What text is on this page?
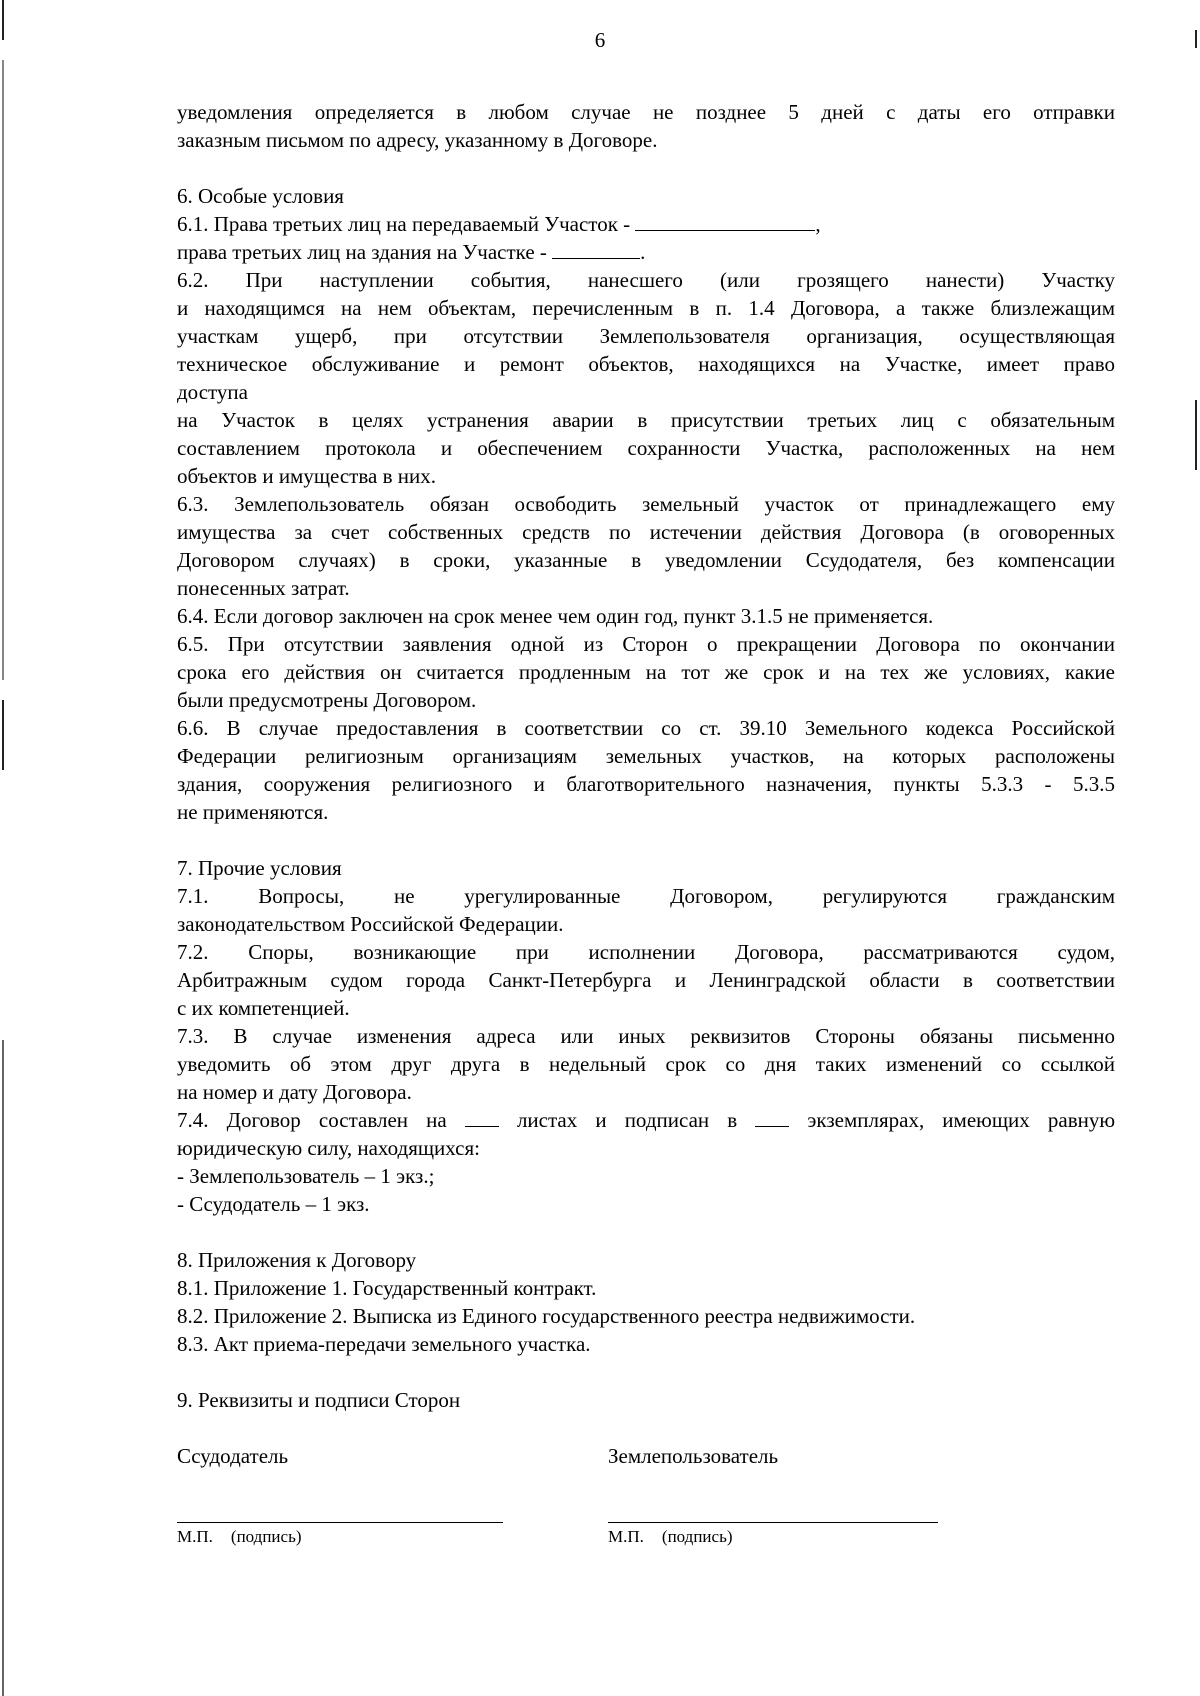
6

уведомления определяется в любом случае не позднее 5 дней с даты его отправки

заказным письмом по адресу, указанному в Договоре.

6. Особые условия

6.1. Права третьих лиц на передаваемый Участок -	,

права третьих лиц на здания на Участке -	.

6.2. При наступлении события, нанесшего (или грозящего нанести) Участку

и находящимся на нем объектам, перечисленным в п. 1.4 Договора, а также близлежащим

участкам ущерб, при отсутствии Землепользователя организация, осуществляющая

техническое обслуживание и ремонт объектов, находящихся на Участке, имеет право

доступа

на Участок в целях устранения аварии в присутствии третьих лиц с обязательным

составлением протокола и обеспечением сохранности Участка, расположенных на нем

объектов и имущества в них.

6.3. Землепользователь обязан освободить земельный участок от принадлежащего ему

имущества за счет собственных средств по истечении действия Договора (в оговоренных

Договором случаях) в сроки, указанные в уведомлении Ссудодателя, без компенсации

понесенных затрат.

6.4. Если договор заключен на срок менее чем один год, пункт 3.1.5 не применяется.

6.5. При отсутствии заявления одной из Сторон о прекращении Договора по окончании

срока его действия он считается продленным на тот же срок и на тех же условиях, какие

были предусмотрены Договором.

6.6. В случае предоставления в соответствии со ст. 39.10 Земельного кодекса Российской

Федерации религиозным организациям земельных участков, на которых расположены

здания, сооружения религиозного и благотворительного назначения, пункты 5.3.3 - 5.3.5

не применяются.

7. Прочие условия

7.1. Вопросы, не урегулированные Договором, регулируются гражданским

законодательством Российской Федерации.

7.2. Споры, возникающие при исполнении Договора, рассматриваются судом,

Арбитражным судом города Санкт-Петербурга и Ленинградской области в соответствии

с их компетенцией.

7.3. В случае изменения адреса или иных реквизитов Стороны обязаны письменно

уведомить об этом друг друга в недельный срок со дня таких изменений со ссылкой

на номер и дату Договора.

7.4. Договор составлен на	листах и подписан в	экземплярах, имеющих равную

юридическую силу, находящихся:

- Землепользователь – 1 экз.;

- Ссудодатель – 1 экз.

8. Приложения к Договору

8.1. Приложение 1. Государственный контракт.

8.2. Приложение 2. Выписка из Единого государственного реестра недвижимости.

8.3. Акт приема-передачи земельного участка.

9. Реквизиты и подписи Сторон

Ссудодатель
М.П. (подпись)
Землепользователь
М.П. (подпись)
